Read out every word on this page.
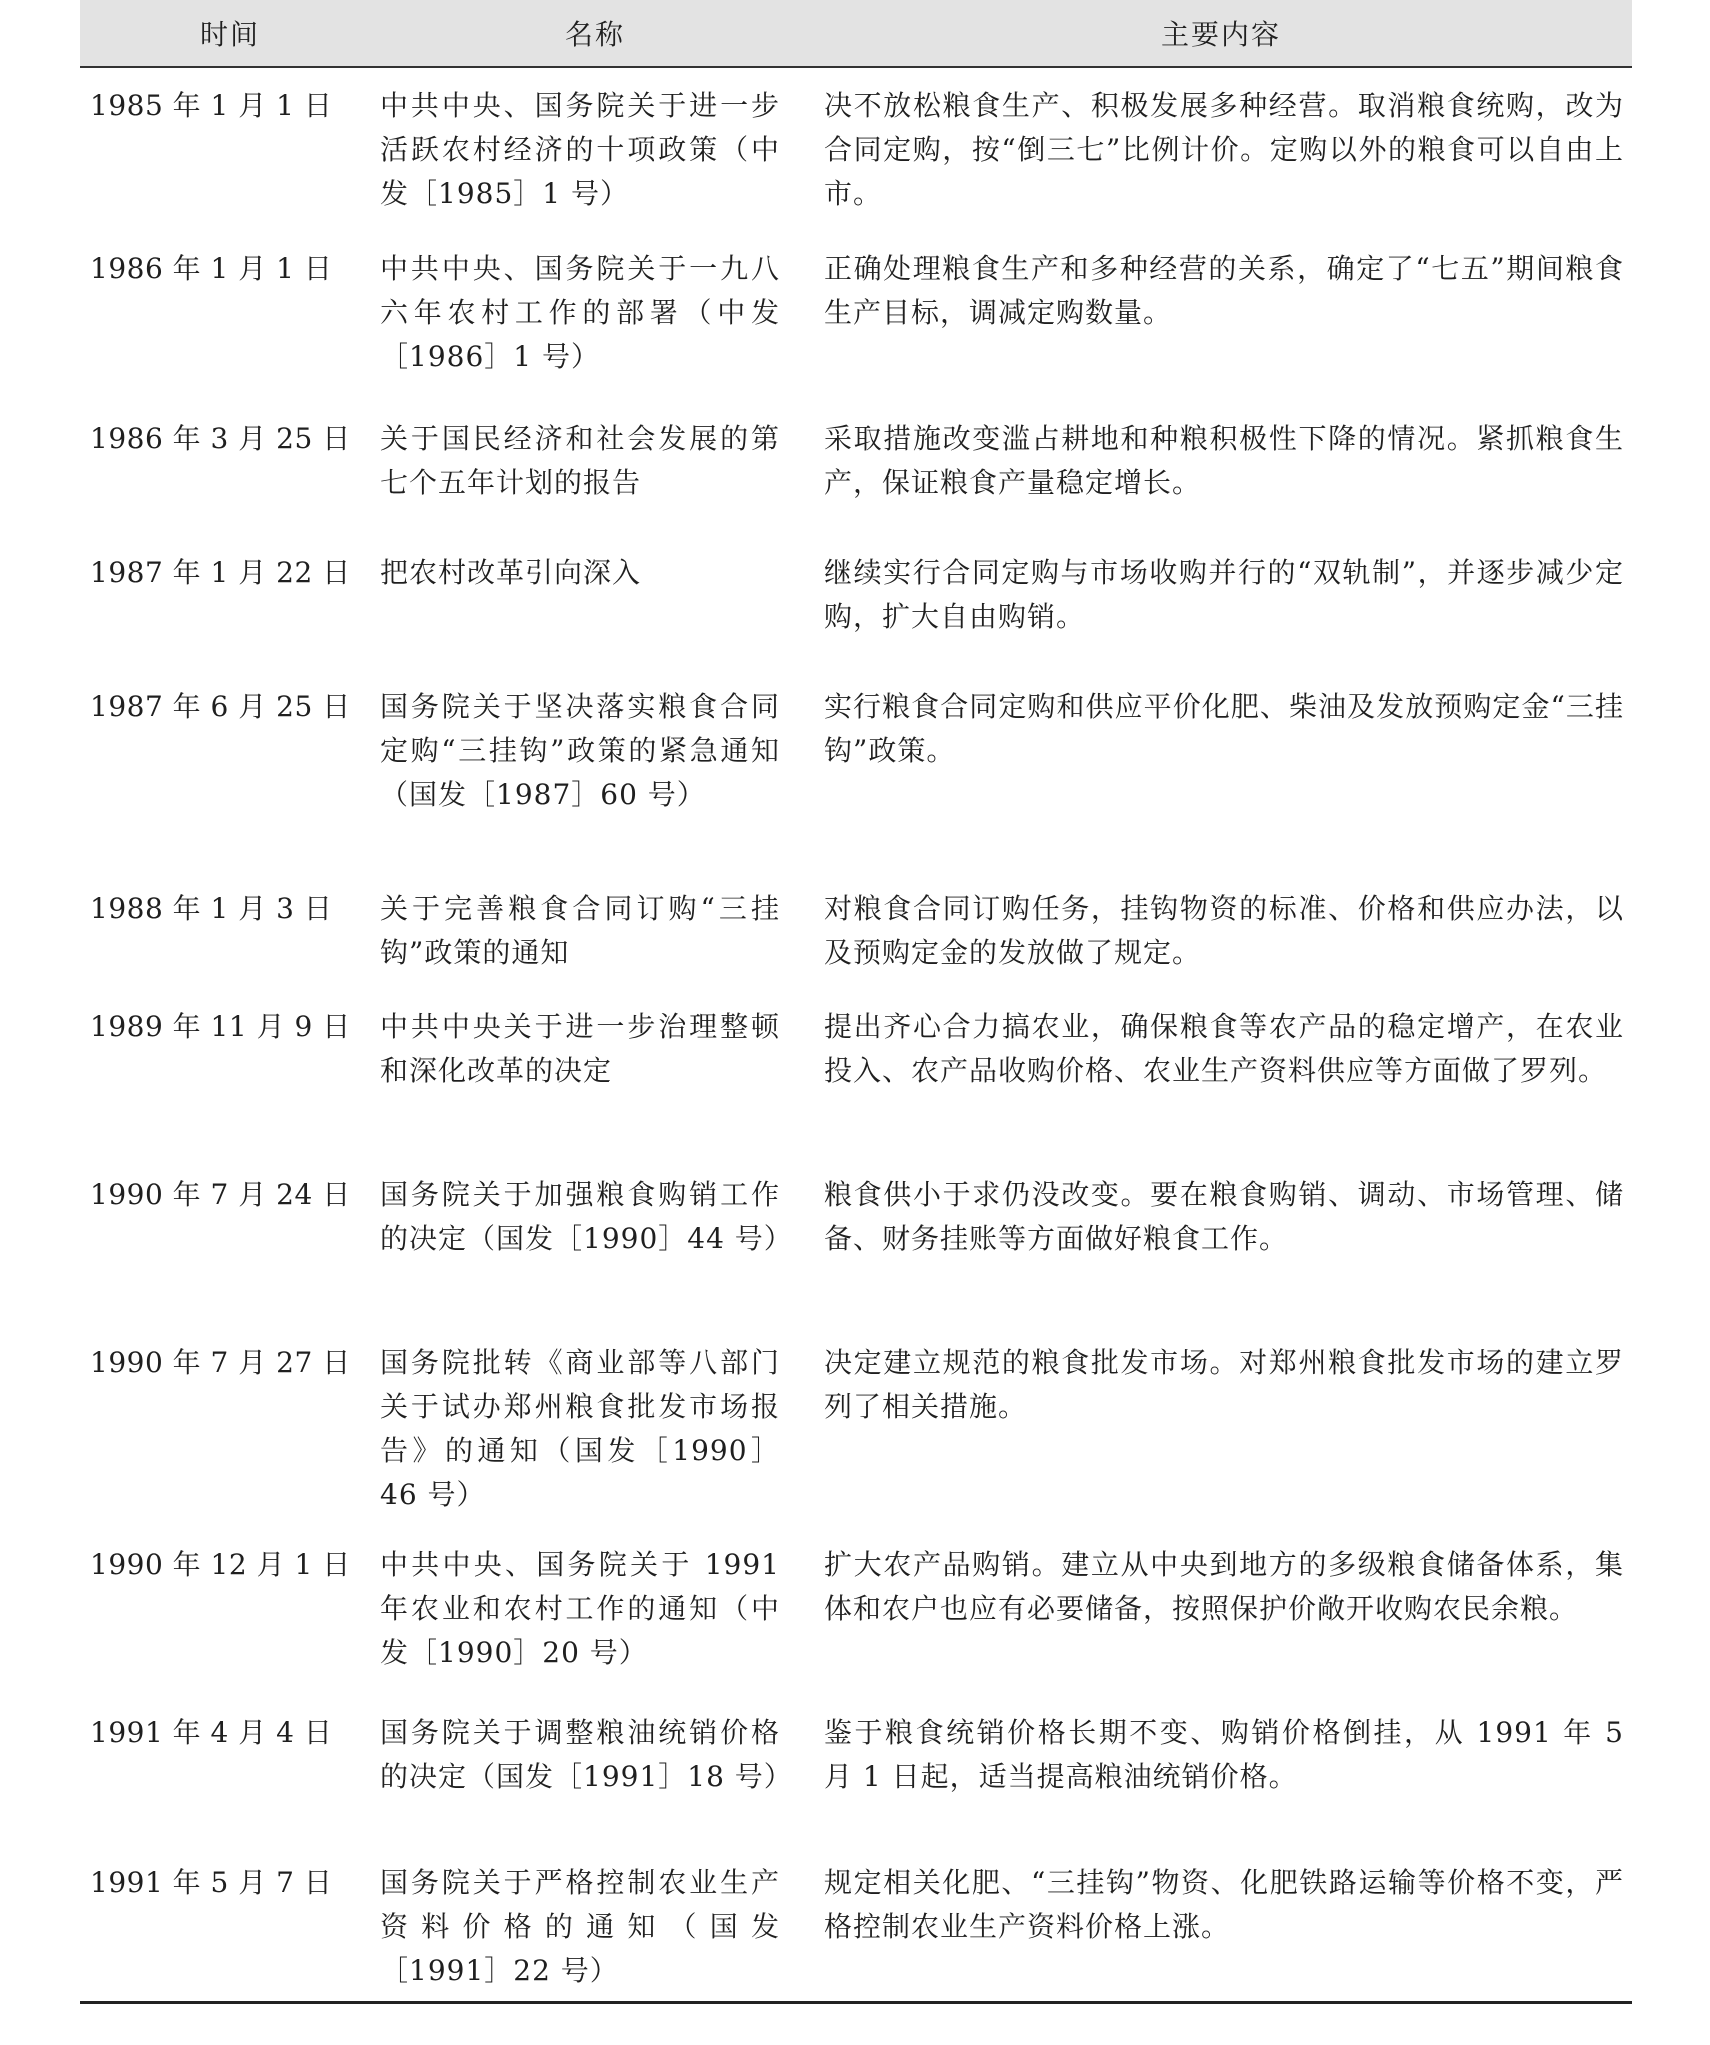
时间	名称	主要内容
1985 年 1 月 1 日	中共中央、国务院关于进一步活跃农村经济的十项政策（中发［1985］1 号）	决不放松粮食生产、积极发展多种经营。取消粮食统购，改为合同定购，按“倒三七”比例计价。定购以外的粮食可以自由上市。
1986 年 1 月 1 日	中共中央、国务院关于一九八六年农村工作的部署（中发［1986］1 号）	正确处理粮食生产和多种经营的关系，确定了“七五”期间粮食生产目标，调减定购数量。
1986 年 3 月 25 日	关于国民经济和社会发展的第七个五年计划的报告	采取措施改变滥占耕地和种粮积极性下降的情况。紧抓粮食生产，保证粮食产量稳定增长。
1987 年 1 月 22 日	把农村改革引向深入	继续实行合同定购与市场收购并行的“双轨制”，并逐步减少定购，扩大自由购销。
1987 年 6 月 25 日	国务院关于坚决落实粮食合同定购“三挂钩”政策的紧急通知（国发［1987］60 号）	实行粮食合同定购和供应平价化肥、柴油及发放预购定金“三挂钩”政策。
1988 年 1 月 3 日	关于完善粮食合同订购“三挂钩”政策的通知	对粮食合同订购任务，挂钩物资的标准、价格和供应办法，以及预购定金的发放做了规定。
1989 年 11 月 9 日	中共中央关于进一步治理整顿和深化改革的决定	提出齐心合力搞农业，确保粮食等农产品的稳定增产，在农业投入、农产品收购价格、农业生产资料供应等方面做了罗列。
1990 年 7 月 24 日	国务院关于加强粮食购销工作的决定（国发［1990］44 号）	粮食供小于求仍没改变。要在粮食购销、调动、市场管理、储备、财务挂账等方面做好粮食工作。
1990 年 7 月 27 日	国务院批转《商业部等八部门关于试办郑州粮食批发市场报告》的通知（国发［1990］46 号）	决定建立规范的粮食批发市场。对郑州粮食批发市场的建立罗列了相关措施。
1990 年 12 月 1 日	中共中央、国务院关于 1991 年农业和农村工作的通知（中发［1990］20 号）	扩大农产品购销。建立从中央到地方的多级粮食储备体系，集体和农户也应有必要储备，按照保护价敞开收购农民余粮。
1991 年 4 月 4 日	国务院关于调整粮油统销价格的决定（国发［1991］18 号）	鉴于粮食统销价格长期不变、购销价格倒挂，从 1991 年 5 月 1 日起，适当提高粮油统销价格。
1991 年 5 月 7 日	国务院关于严格控制农业生产资料价格的通知（国发［1991］22 号）	规定相关化肥、“三挂钩”物资、化肥铁路运输等价格不变，严格控制农业生产资料价格上涨。
